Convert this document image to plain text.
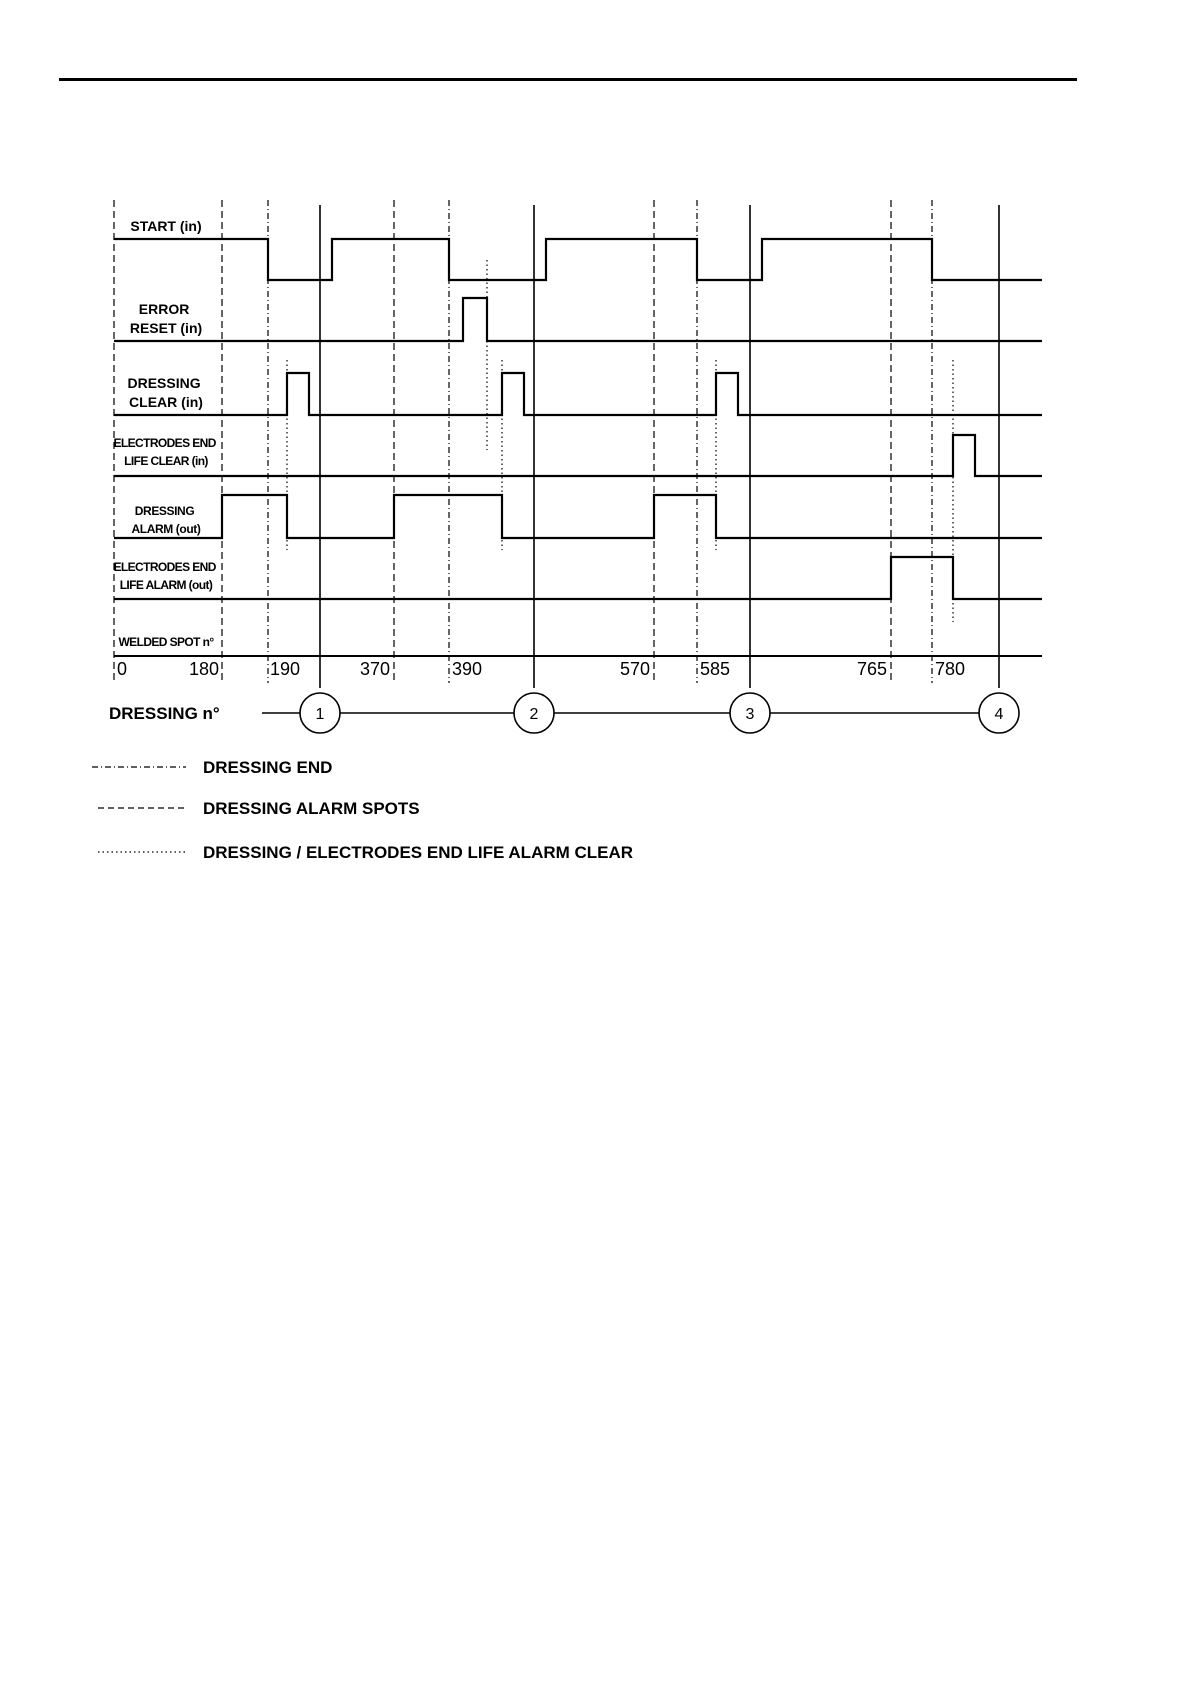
START (in)
ERROR RESET (in)
DRESSING CLEAR (in)
ELECTRODES END LIFE CLEAR (in)
DRESSING ALARM (out)
ELECTRODES END LIFE ALARM (out)
WELDED SPOT n°
0	180	190	370	390	570	585	765	780
DRESSING n°	1	2	3	4
DRESSING END
DRESSING ALARM SPOTS
DRESSING / ELECTRODES END LIFE ALARM CLEAR
